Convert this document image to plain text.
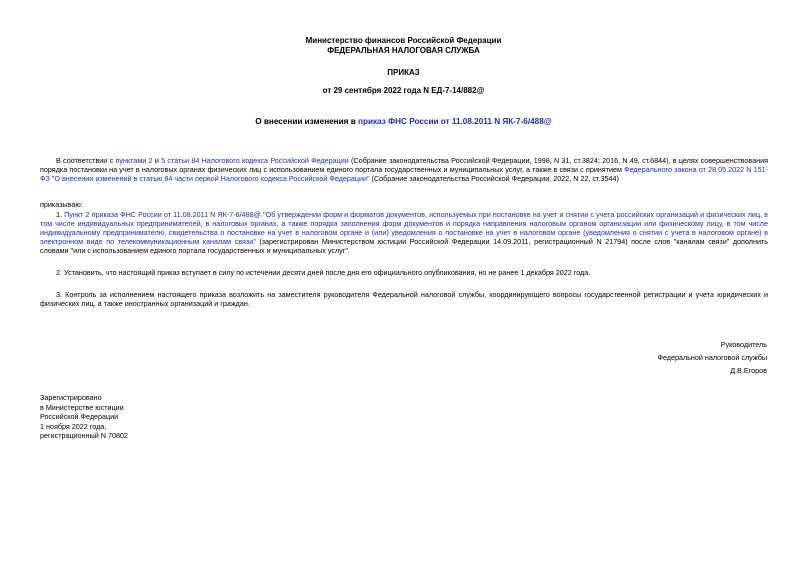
Министерство финансов Российской Федерации
ФЕДЕРАЛЬНАЯ НАЛОГОВАЯ СЛУЖБА
ПРИКАЗ
от 29 сентября 2022 года N ЕД-7-14/882@
О внесении изменения в приказ ФНС России от 11.08.2011 N ЯК-7-6/488@
В соответствии с пунктами 2 и 5 статьи 84 Налогового кодекса Российской Федерации (Собрание законодательства Российской Федерации, 1998, N 31, ст.3824; 2016, N 49, ст.6844), в целях совершенствования порядка постановки на учет в налоговых органах физических лиц с использованием единого портала государственных и муниципальных услуг, а также в связи с принятием Федерального закона от 28.05.2022 N 151-ФЗ "О внесении изменений в статью 84 части первой Налогового кодекса Российской Федерации" (Собрание законодательства Российской Федерации, 2022, N 22, ст.3544)
приказываю:
1. Пункт 2 приказа ФНС России от 11.08.2011 N ЯК-7-6/488@ "Об утверждении форм и форматов документов, используемых при постановке на учет и снятии с учета российских организаций и физических лиц, в том числе индивидуальных предпринимателей, в налоговых органах, а также порядка заполнения форм документов и порядка направления налоговым органом организации или физическому лицу, в том числе индивидуальному предпринимателю, свидетельства о постановке на учет в налоговом органе и (или) уведомления о постановке на учет в налоговом органе (уведомления о снятии с учета в налоговом органе) в электронном виде по телекоммуникационным каналам связи" (зарегистрирован Министерством юстиции Российской Федерации 14.09.2011, регистрационный N 21794) после слов "каналам связи" дополнить словами "или с использованием единого портала государственных и муниципальных услуг".
2. Установить, что настоящий приказ вступает в силу по истечении десяти дней после дня его официального опубликования, но не ранее 1 декабря 2022 года.
3. Контроль за исполнением настоящего приказа возложить на заместителя руководителя Федеральной налоговой службы, координирующего вопросы государственной регистрации и учета юридических и физических лиц, а также иностранных организаций и граждан.
Руководитель
Федеральной налоговой службы
Д.В.Егоров
Зарегистрировано
в Министерстве юстиции
Российской Федерации
1 ноября 2022 года,
регистрационный N 70802
